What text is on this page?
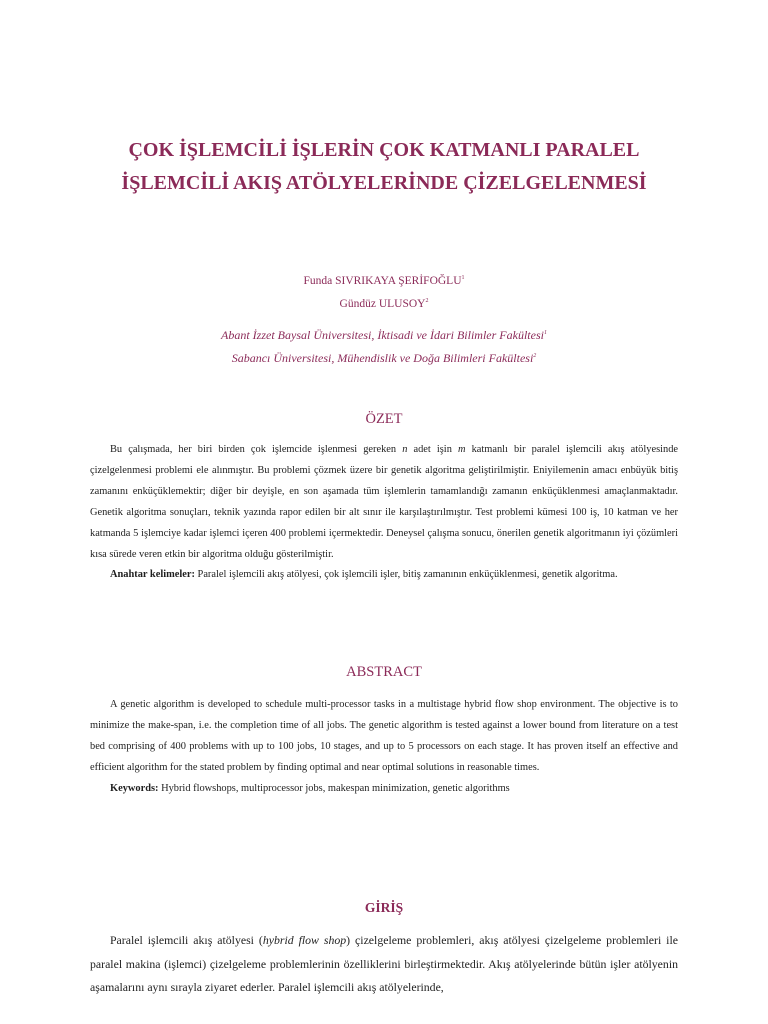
ÇOK İŞLEMCİLİ İŞLERİN ÇOK KATMANLI PARALEL
İŞLEMCİLİ AKIŞ ATÖLYELERİNDE ÇİZELGELENMESİ
Funda SIVRIKAYA ŞERİFOĞLU$^1$
Gündüz ULUSOY$^2$
Abant İzzet Baysal Üniversitesi, İktisadi ve İdari Bilimler Fakültesi$^1$
Sabancı Üniversitesi, Mühendislik ve Doğa Bilimleri Fakültesi$^2$
ÖZET

Bu çalışmada, her biri birden çok işlemcide işlenmesi gereken n adet işin m katmanlı bir paralel işlemcili akış atölyesinde çizelgelenmesi problemi ele alınmıştır. Bu problemi çözmek üzere bir genetik algoritma geliştirilmiştir. Eniyilemenin amacı enbüyük bitiş zamanını enküçüklemektir; diğer bir deyişle, en son aşamada tüm işlemlerin tamamlandığı zamanın enküçüklenmesi amaçlanmaktadır. Genetik algoritma sonuçları, teknik yazında rapor edilen bir alt sınır ile karşılaştırılmıştır. Test problemi kümesi 100 iş, 10 katman ve her katmanda 5 işlemciye kadar işlemci içeren 400 problemi içermektedir. Deneysel çalışma sonucu, önerilen genetik algoritmanın iyi çözümleri kısa sürede veren etkin bir algoritma olduğu gösterilmiştir.

Anahtar kelimeler: Paralel işlemcili akış atölyesi, çok işlemcili işler, bitiş zamanının enküçüklenmesi, genetik algoritma.

ABSTRACT

A genetic algorithm is developed to schedule multi-processor tasks in a multistage hybrid flow shop environment. The objective is to minimize the make-span, i.e. the completion time of all jobs. The genetic algorithm is tested against a lower bound from literature on a test bed comprising of 400 problems with up to 100 jobs, 10 stages, and up to 5 processors on each stage. It has proven itself an effective and efficient algorithm for the stated problem by finding optimal and near optimal solutions in reasonable times.

Keywords: Hybrid flowshops, multiprocessor jobs, makespan minimization, genetic algorithms

GİRİŞ

Paralel işlemcili akış atölyesi (hybrid flow shop) çizelgeleme problemleri, akış atölyesi çizelgeleme problemleri ile paralel makina (işlemci) çizelgeleme problemlerinin özelliklerini birleştirmektedir. Akış atölyelerinde bütün işler atölyenin aşamalarını aynı sırayla ziyaret ederler. Paralel işlemcili akış atölyelerinde,
